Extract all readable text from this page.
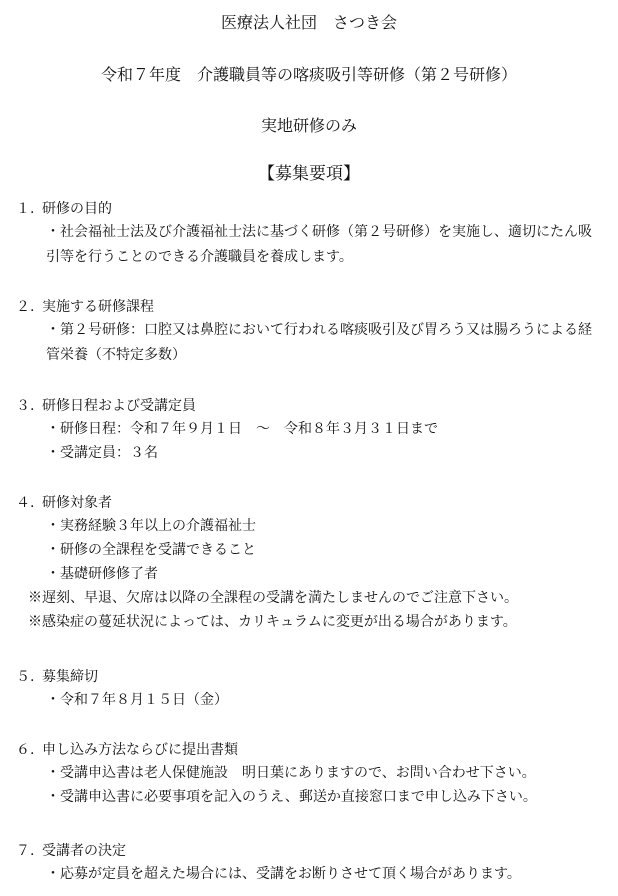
医療法人社団　さつき会
令和７年度　介護職員等の喀痰吸引等研修（第２号研修）
実地研修のみ
【募集要項】
１. 研修の目的
・社会福祉士法及び介護福祉士法に基づく研修（第２号研修）を実施し、適切にたん吸
引等を行うことのできる介護職員を養成します。
２. 実施する研修課程
・第２号研修：口腔又は鼻腔において行われる喀痰吸引及び胃ろう又は腸ろうによる経
管栄養（不特定多数）
３. 研修日程および受講定員
・研修日程：令和７年９月１日　～　令和８年３月３１日まで
・受講定員：３名
４. 研修対象者
・実務経験３年以上の介護福祉士
・研修の全課程を受講できること
・基礎研修修了者
※遅刻、早退、欠席は以降の全課程の受講を満たしませんのでご注意下さい。
※感染症の蔓延状況によっては、カリキュラムに変更が出る場合があります。
５. 募集締切
・令和７年８月１５日（金）
６. 申し込み方法ならびに提出書類
・受講申込書は老人保健施設　明日葉にありますので、お問い合わせ下さい。
・受講申込書に必要事項を記入のうえ、郵送か直接窓口まで申し込み下さい。
７. 受講者の決定
・応募が定員を超えた場合には、受講をお断りさせて頂く場合があります。
